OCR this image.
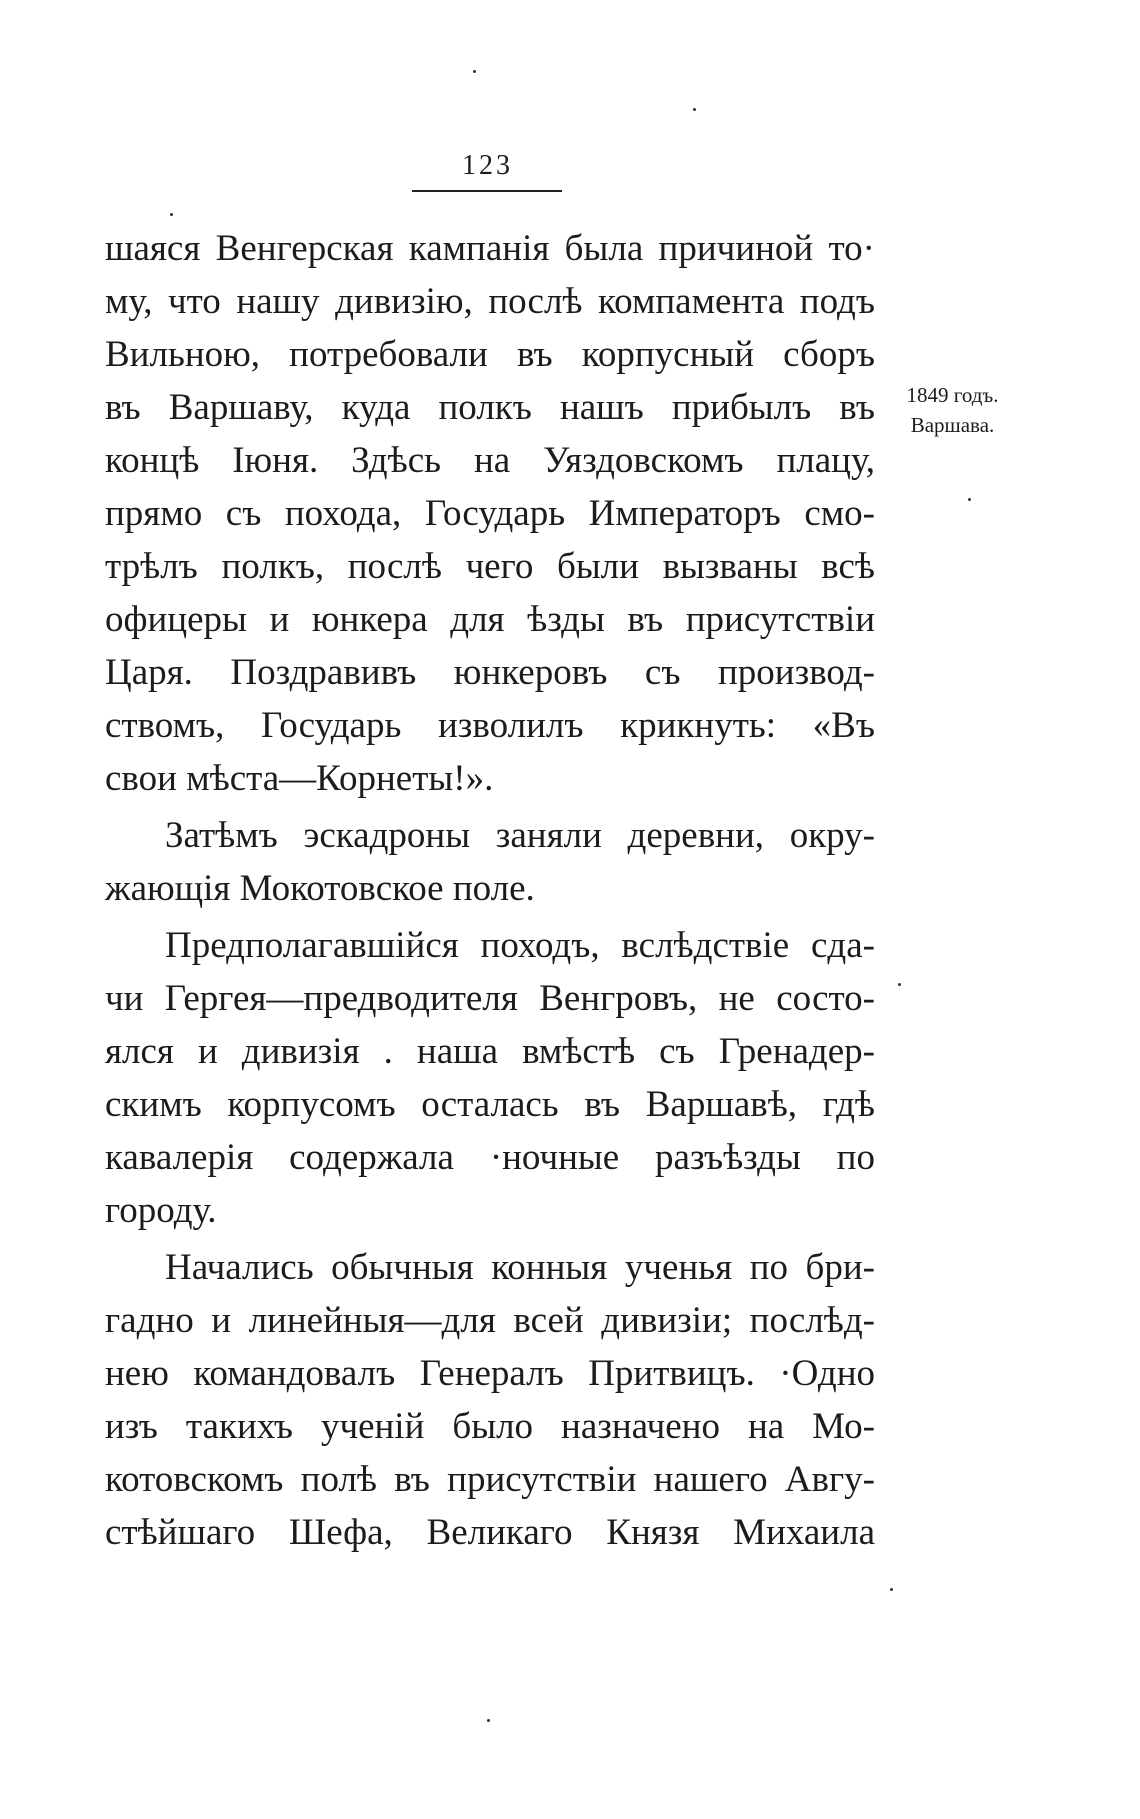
123
шаяся Венгерская кампанія была причиной то·
му, что нашу дивизію, послѣ компамента подъ
Вильною, потребовали въ корпусный сборъ
въ Варшаву, куда полкъ нашъ прибылъ въ
концѣ Іюня. Здѣсь на Уяздовскомъ плацу,
прямо съ похода, Государь Императоръ смо-
трѣлъ полкъ, послѣ чего были вызваны всѣ
офицеры и юнкера для ѣзды въ присутствіи
Царя. Поздравивъ юнкеровъ съ производ-
ствомъ, Государь изволилъ крикнуть: «Въ
свои мѣста—Корнеты!».
Затѣмъ эскадроны заняли деревни, окру-
жающія Мокотовское поле.
Предполагавшійся походъ, вслѣдствіе сда-
чи Гергея—предводителя Венгровъ, не состо-
ялся и дивизія . наша вмѣстѣ съ Гренадер-
скимъ корпусомъ осталась въ Варшавѣ, гдѣ
кавалерія содержала ·ночные разъѣзды по
городу.
Начались обычныя конныя ученья по бри-
гадно и линейныя—для всей дивизіи; послѣд-
нею командовалъ Генералъ Притвицъ. ·Одно
изъ такихъ ученій было назначено на Мо-
котовскомъ полѣ въ присутствіи нашего Авгу-
стѣйшаго Шефа, Великаго Князя Михаила
1849 годъ.
Варшава.
